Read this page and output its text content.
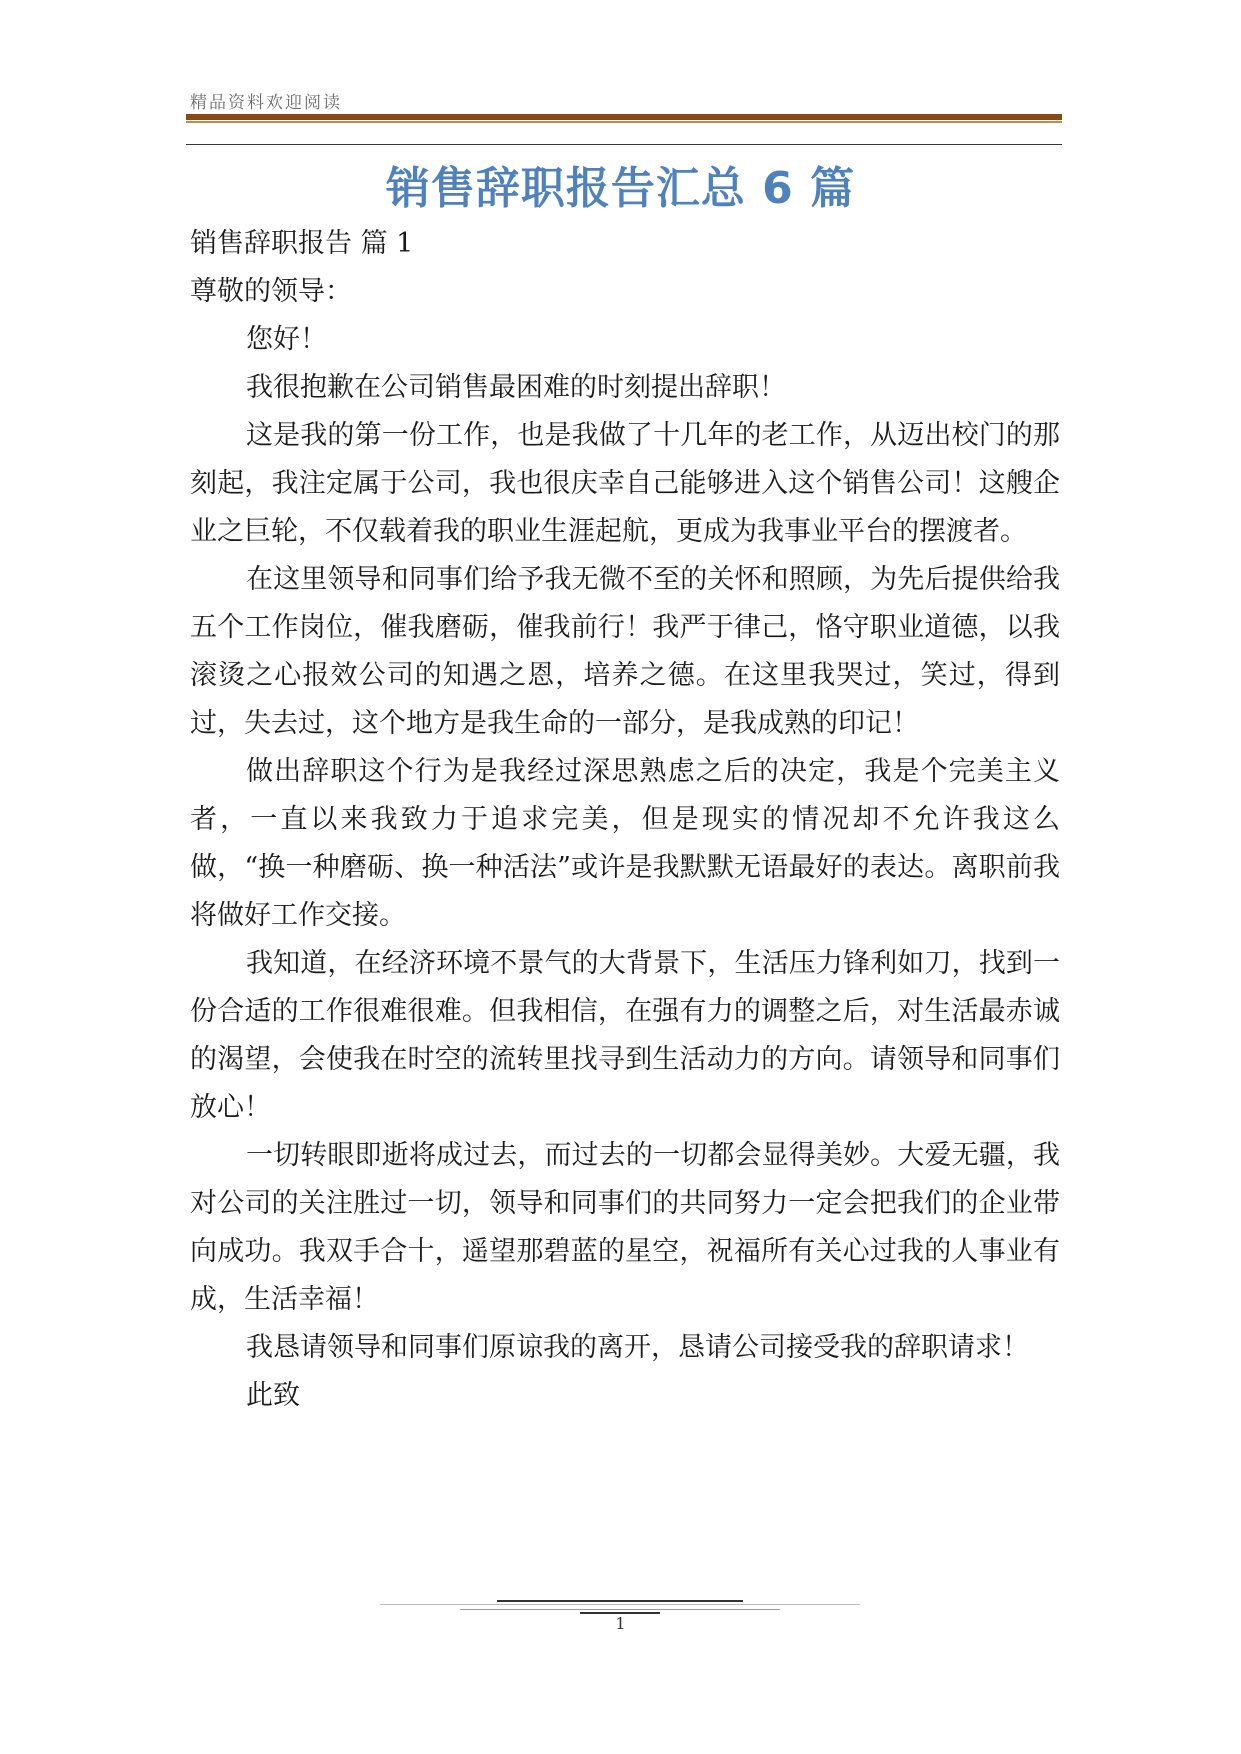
精品资料欢迎阅读
销售辞职报告汇总 6 篇

销售辞职报告 篇 1

尊敬的领导：

您好！

我很抱歉在公司销售最困难的时刻提出辞职！

这是我的第一份工作，也是我做了十几年的老工作，从迈出校门的那刻起，我注定属于公司，我也很庆幸自己能够进入这个销售公司！这艘企业之巨轮，不仅载着我的职业生涯起航，更成为我事业平台的摆渡者。

在这里领导和同事们给予我无微不至的关怀和照顾，为先后提供给我五个工作岗位，催我磨砺，催我前行！我严于律己，恪守职业道德，以我滚烫之心报效公司的知遇之恩，培养之德。在这里我哭过，笑过，得到过，失去过，这个地方是我生命的一部分，是我成熟的印记！

做出辞职这个行为是我经过深思熟虑之后的决定，我是个完美主义者，一直以来我致力于追求完美，但是现实的情况却不允许我这么做，“换一种磨砺、换一种活法”或许是我默默无语最好的表达。离职前我将做好工作交接。

我知道，在经济环境不景气的大背景下，生活压力锋利如刀，找到一份合适的工作很难很难。但我相信，在强有力的调整之后，对生活最赤诚的渴望，会使我在时空的流转里找寻到生活动力的方向。请领导和同事们放心！

一切转眼即逝将成过去，而过去的一切都会显得美妙。大爱无疆，我对公司的关注胜过一切，领导和同事们的共同努力一定会把我们的企业带向成功。我双手合十，遥望那碧蓝的星空，祝福所有关心过我的人事业有成，生活幸福！

我恳请领导和同事们原谅我的离开，恳请公司接受我的辞职请求！

此致

1
